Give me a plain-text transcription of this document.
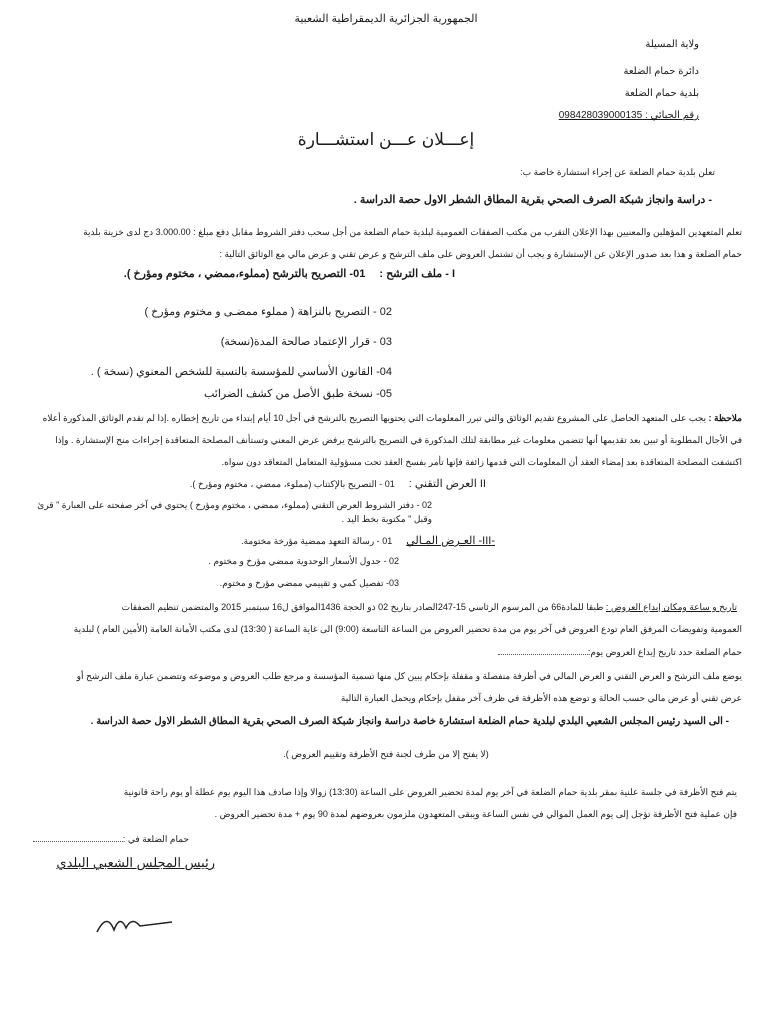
الجمهورية الجزائرية الديمقراطية الشعبية
ولاية المسيلة
دائرة حمام الضلعة
بلدية حمام الضلعة
رقم الجبائي : 098428039000135
إعـــلان عـــن استشـــارة
تعلن بلدية حمام الضلعة عن إجراء استشارة خاصة ب:
- دراسة وانجاز شبكة الصرف الصحي بقرية المطاق الشطر الاول حصة الدراسة .
تعلم المتعهدين المؤهلين والمعنيين بهذا الإعلان التقرب من مكتب الصفقات العمومية لبلدية حمام الضلعة من أجل سحب دفتر الشروط مقابل دفع مبلغ : 3.000.00 دج لدى خزينة بلدية
حمام الضلعة و هذا بعد صدور الإعلان عن الإستشارة و يجب أن تشتمل العروض على ملف الترشح و عرض تقني و عرض مالي مع الوثائق التالية :
I - ملف الترشح :01- التصريح بالترشح (مملوء،ممضي ، مختوم ومؤرخ ).
02 - التصريح بالنزاهة ( مملوء ممضـى و مختوم ومؤرخ )
03 - قرار الإعتماد صالحة المدة(نسخة)
04- القانون الأساسي للمؤسسة بالنسبة للشخص المعنوي (نسخة ) .
05- نسخة طبق الأصل من كشف الضرائب
ملاحظة : يجب على المتعهد الحاصل على المشروع تقديم الوثائق والتي تبرر المعلومات التي يحتويها التصريح بالترشح في أجل 10 أيام إبتداء من تاريخ إخطاره .إذا لم تقدم الوثائق المذكورة أعلاه
في الأجال المطلوبة أو تبين بعد تقديمها أنها تتضمن معلومات غير مطابقة لتلك المذكورة في التصريح بالترشح يرفض عرض المعني وتستأنف المصلحة المتعاقدة إجراءات منح الإستشارة . وإذا
اكتشفت المصلحة المتعاقدة بعد إمضاء العقد أن المعلومات التي قدمها زائفة فإنها تأمر بفسخ العقد تحت مسؤولية المتعامل المتعاقد دون سواه.
II العرض التقني :01 - التصريح بالإكتتاب (مملوء، ممضي ، مختوم ومؤرخ ).
02 - دفتر الشروط العرض التقني (مملوء، ممضي ، مختوم ومؤرخ ) يحتوي في آخر صفحته على العبارة " قرئ وقبل " مكتوبة بخط اليد .
-III- العـرض المـالي01 - رسالة التعهد ممضية مؤرخة مختومة.
02 - جدول الأسعار الوحدوية ممضي مؤرخ و مختوم .
03- تفصيل كمي و تقييمي ممضي مؤرخ و مختوم.
تاريخ و ساعة ومكان إيداع العروض : طبقا للمادة66 من المرسوم الرئاسي 15-247الصادر بتاريخ 02 ذو الحجة 1436الموافق ل16 سبتمبر 2015 والمتضمن تنظيم الصفقات
العمومية وتفويضات المرفق العام تودع العروض في آخر يوم من مدة تحضير العروض من الساعة التاسعة (9:00) الى غاية الساعة ( 13:30) لدى مكتب الأمانة العامة (الأمين العام ) لبلدية
حمام الضلعة حدد تاريخ إيداع العروض يوم:
يوضع ملف الترشح و العرض التقني و العرض المالي في أظرفة منفصلة و مقفلة بإحكام يبين كل منها تسمية المؤسسة و مرجع طلب العروض و موضوعه وتتضمن عبارة ملف الترشح أو
عرض تقني أو عرض مالي حسب الحالة و توضع هذه الأظرفة في ظرف آخر مقفل بإحكام ويحمل العبارة التالية
- الى السيد رئيس المجلس الشعبي البلدي لبلدية حمام الضلعة استشارة خاصة دراسة وانجاز شبكة الصرف الصحي بقرية المطاق الشطر الاول حصة الدراسة .
(لا يفتح إلا من طرف لجنة فتح الأظرفة وتقييم العروض ).
يتم فتح الأظرفة في جلسة علنية بمقر بلدية حمام الضلعة في آخر يوم لمدة تحضير العروض على الساعة (13:30) زوالا وإذا صادف هذا اليوم يوم عطلة أو يوم راحة قانونية
فإن عملية فتح الأظرفة تؤجل إلى يوم العمل الموالي في نفس الساعة ويبقى المتعهدون ملزمون بعروضهم لمدة 90 يوم + مدة تحضير العروض .
حمام الضلعة في :
رئيس المجلس الشعبي البلدي
